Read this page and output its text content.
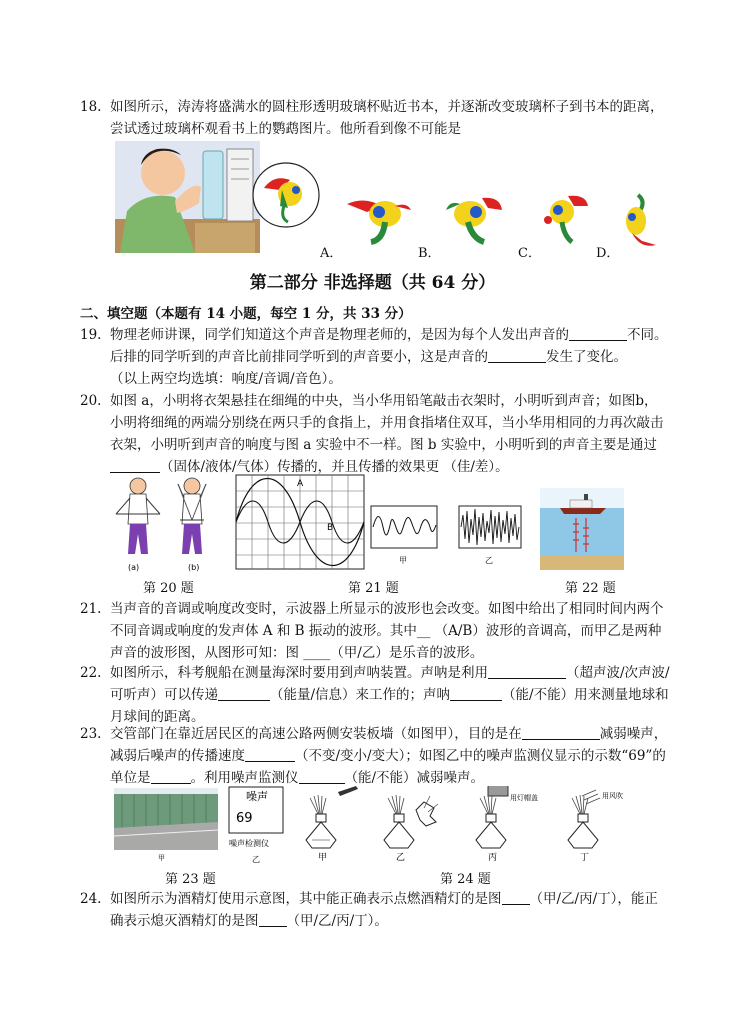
18. 如图所示，涛涛将盛满水的圆柱形透明玻璃杯贴近书本，并逐渐改变玻璃杯子到书本的距离，尝试透过玻璃杯观看书上的鹦鹉图片。他所看到像不可能是
A．	B．	C．	D．
第二部分 非选择题（共 64 分）
二、填空题（本题有 14 小题，每空 1 分，共 33 分）
19. 物理老师讲课，同学们知道这个声音是物理老师的，是因为每个人发出声音的	不同。后排的同学听到的声音比前排同学听到的声音要小，这是声音的	发生了变化。
（以上两空均选填：响度/音调/音色）。
20. 如图 a，小明将衣架悬挂在细绳的中央，当小华用铅笔敲击衣架时，小明听到声音；如图b，小明将细绳的两端分别绕在两只手的食指上，并用食指堵住双耳，当小华用相同的力再次敲击衣架，小明听到声音的响度与图 a 实验中不一样。图 b 实验中，小明听到的声音主要是通过（固体/液体/气体）传播的，并且传播的效果更 （佳/差）。
(a)	(b)
A
B
甲	乙
第 20 题	第 21 题	第 22 题
21. 当声音的音调或响度改变时，示波器上所显示的波形也会改变。如图中给出了相同时间内两个不同音调或响度的发声体 A 和 B 振动的波形。其中__ （A/B）波形的音调高，而甲乙是两种声音的波形图，从图形可知：图 ____（甲/乙）是乐音的波形。
22. 如图所示，科考舰船在测量海深时要用到声呐装置。声呐是利用	（超声波/次声波/可听声）可以传递	（能量/信息）来工作的；声呐	（能/不能）用来测量地球和月球间的距离。
23. 交管部门在靠近居民区的高速公路两侧安装板墙（如图甲），目的是在	减弱噪声，减弱后噪声的传播速度	（不变/变小/变大）；如图乙中的噪声监测仪显示的示数“69”的单位是	。利用噪声监测仪	（能/不能）减弱噪声。
甲
噪声
69
噪声检测仪
乙	甲	乙
用灯帽盖
丙
用风吹
丁
第 23 题	第 24 题
24. 如图所示为酒精灯使用示意图，其中能正确表示点燃酒精灯的是图 （甲/乙/丙/丁），能正确表示熄灭酒精灯的是图 （甲/乙/丙/丁）。
